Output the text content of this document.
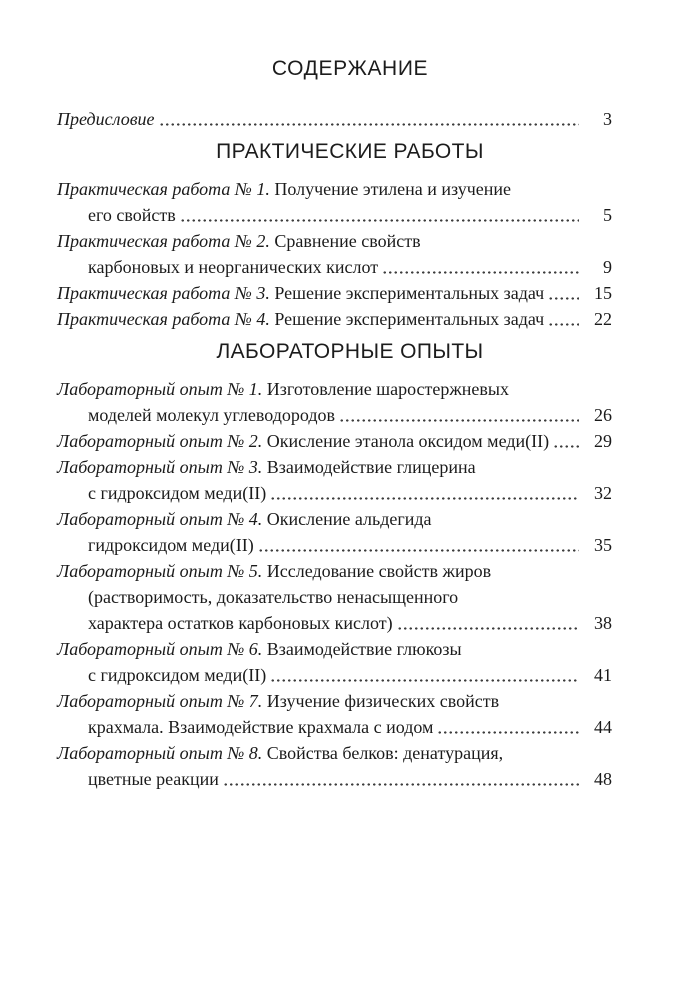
СОДЕРЖАНИЕ
Предисловие	3
ПРАКТИЧЕСКИЕ РАБОТЫ
Практическая работа № 1. Получение этилена и изучение
его свойств	5
Практическая работа № 2. Сравнение свойств
карбоновых и неорганических кислот	9
Практическая работа № 3. Решение экспериментальных задач	15
Практическая работа № 4. Решение экспериментальных задач	22
ЛАБОРАТОРНЫЕ ОПЫТЫ
Лабораторный опыт № 1. Изготовление шаростержневых
моделей молекул углеводородов	26
Лабораторный опыт № 2. Окисление этанола оксидом меди(II)	29
Лабораторный опыт № 3. Взаимодействие глицерина
с гидроксидом меди(II)	32
Лабораторный опыт № 4. Окисление альдегида
гидроксидом меди(II)	35
Лабораторный опыт № 5. Исследование свойств жиров
(растворимость, доказательство ненасыщенного
характера остатков карбоновых кислот)	38
Лабораторный опыт № 6. Взаимодействие глюкозы
с гидроксидом меди(II)	41
Лабораторный опыт № 7. Изучение физических свойств
крахмала. Взаимодействие крахмала с иодом	44
Лабораторный опыт № 8. Свойства белков: денатурация,
цветные реакции	48
